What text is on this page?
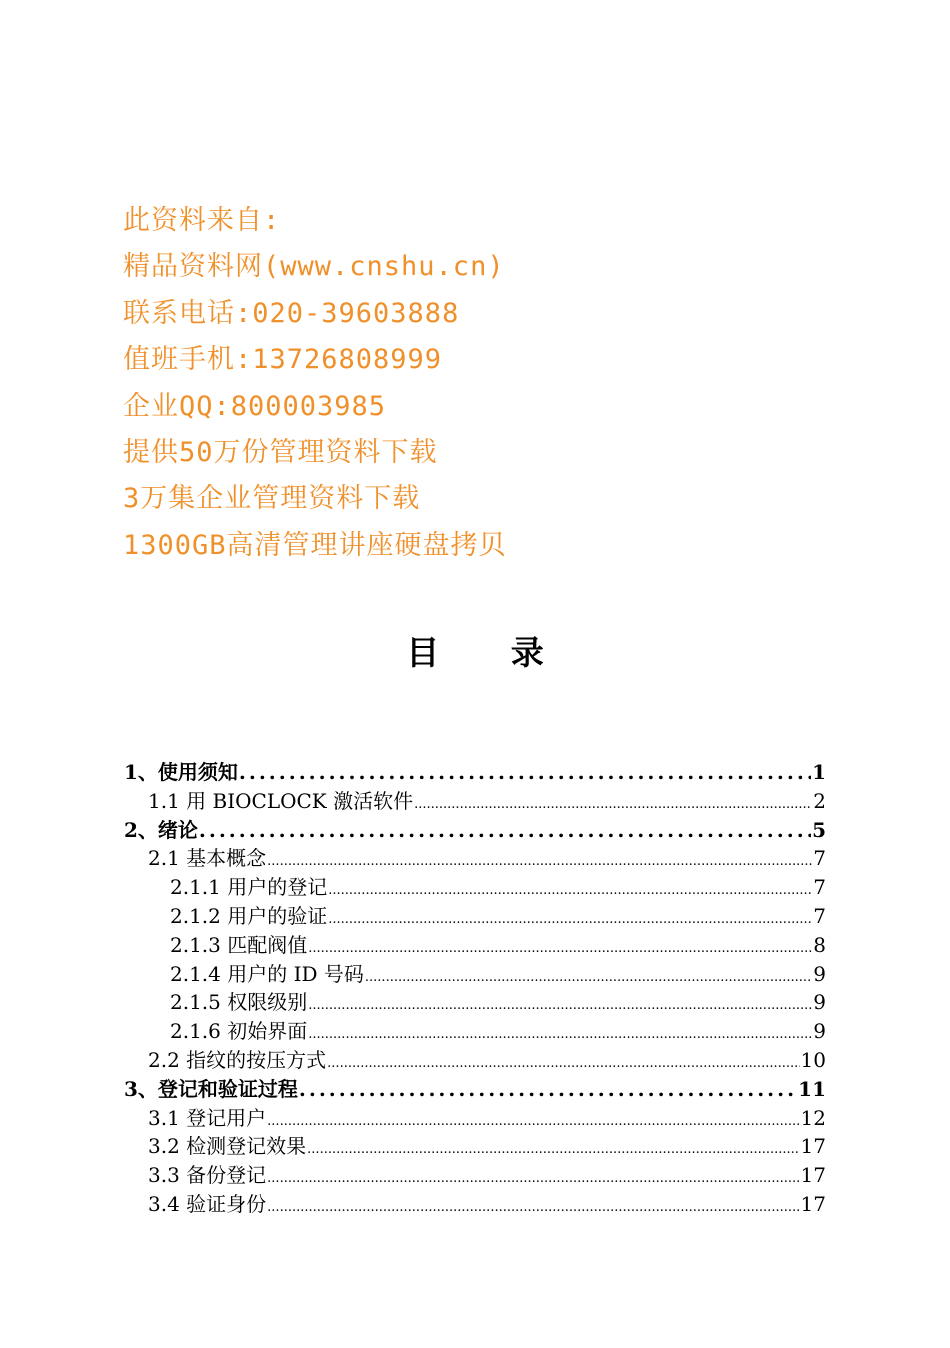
此资料来自:
精品资料网(www.cnshu.cn)
联系电话:020-39603888
值班手机:13726808999
企业QQ:800003985
提供50万份管理资料下载
3万集企业管理资料下载
1300GB高清管理讲座硬盘拷贝
目 录
1、使用须知 .....	1
1.1 用 BIOCLOCK 激活软件 .....	2
2、绪论 .....	5
2.1 基本概念 .....	7
2.1.1 用户的登记 .....	7
2.1.2 用户的验证 .....	7
2.1.3 匹配阀值 .....	8
2.1.4 用户的 ID 号码 .....	9
2.1.5 权限级别 .....	9
2.1.6 初始界面 .....	9
2.2 指纹的按压方式 .....	10
3、登记和验证过程 .....	11
3.1 登记用户 .....	12
3.2 检测登记效果 .....	17
3.3 备份登记 .....	17
3.4 验证身份 .....	17
